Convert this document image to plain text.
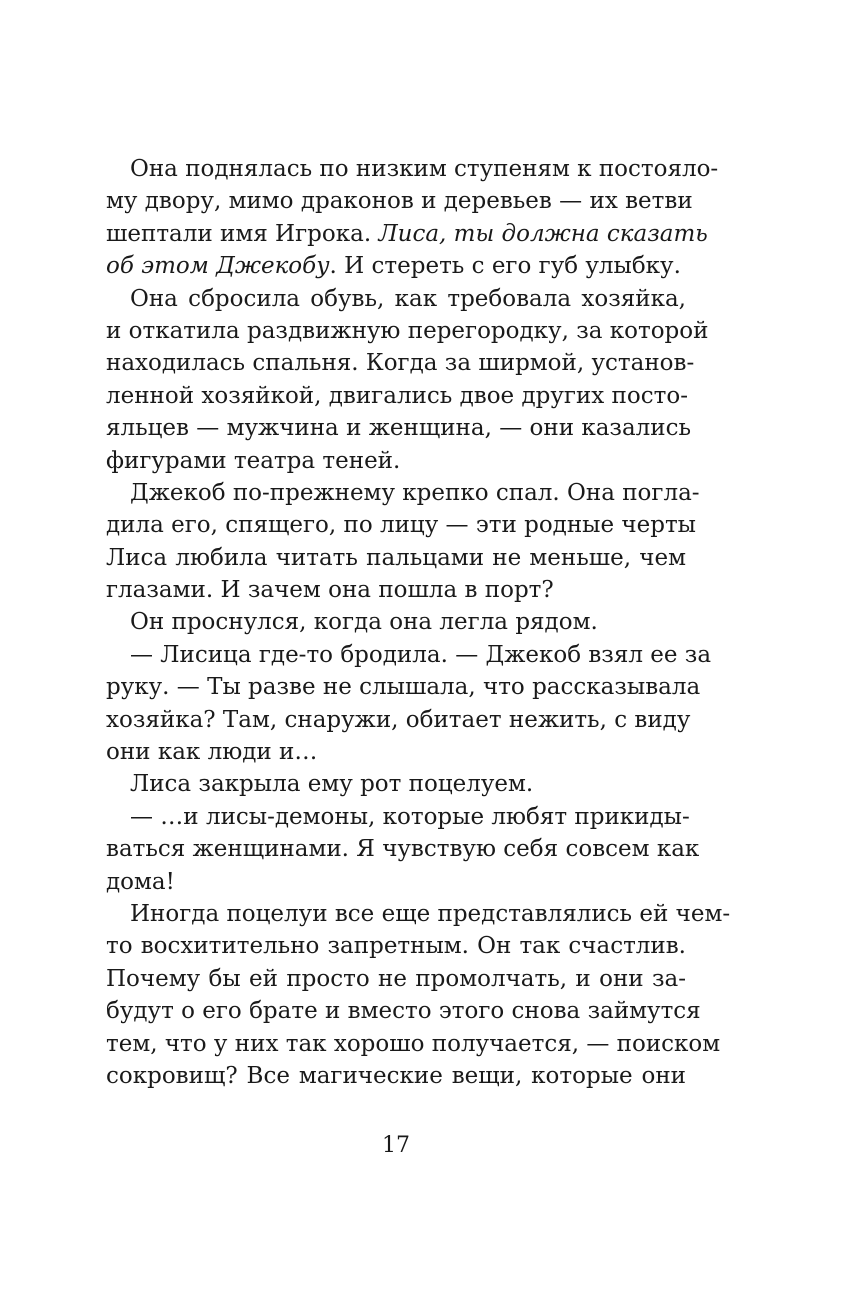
Она поднялась по низким ступеням к постояло-
му двору, мимо драконов и деревьев — их ветви
шептали имя Игрока. Лиса, ты должна сказать
об этом Джекобу. И стереть с его губ улыбку.
Она сбросила обувь, как требовала хозяйка,
и откатила раздвижную перегородку, за которой
находилась спальня. Когда за ширмой, установ-
ленной хозяйкой, двигались двое других посто-
яльцев — мужчина и женщина, — они казались
фигурами театра теней.
Джекоб по-прежнему крепко спал. Она погла-
дила его, спящего, по лицу — эти родные черты
Лиса любила читать пальцами не меньше, чем
глазами. И зачем она пошла в порт?
Он проснулся, когда она легла рядом.
— Лисица где-то бродила. — Джекоб взял ее за
руку. — Ты разве не слышала, что рассказывала
хозяйка? Там, снаружи, обитает нежить, с виду
они как люди и…
Лиса закрыла ему рот поцелуем.
— …и лисы-демоны, которые любят прикиды-
ваться женщинами. Я чувствую себя совсем как
дома!
Иногда поцелуи все еще представлялись ей чем-
то восхитительно запретным. Он так счастлив.
Почему бы ей просто не промолчать, и они за-
будут о его брате и вместо этого снова займутся
тем, что у них так хорошо получается, — поиском
сокровищ? Все магические вещи, которые они
17
